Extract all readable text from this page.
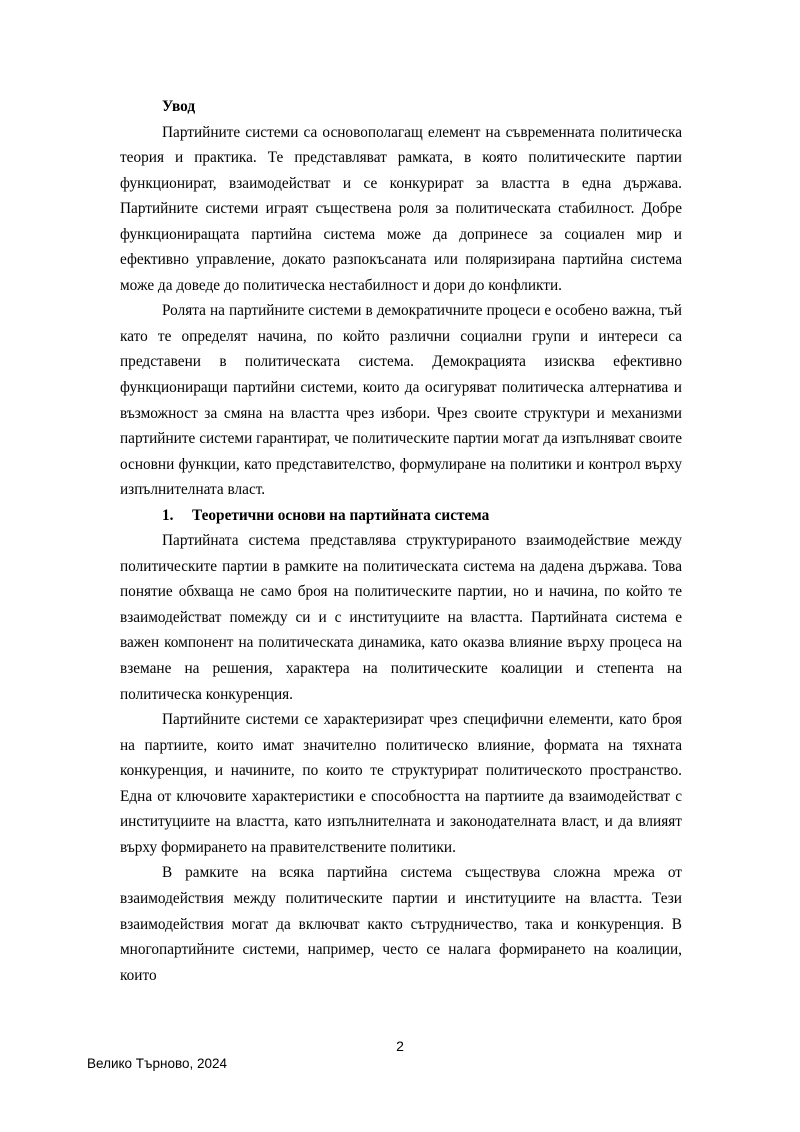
Увод

Партийните системи са основополагащ елемент на съвременната политическа теория и практика. Те представляват рамката, в която политическите партии функционират, взаимодействат и се конкурират за властта в една държава. Партийните системи играят съществена роля за политическата стабилност. Добре функциониращата партийна система може да допринесе за социален мир и ефективно управление, докато разпокъсаната или поляризирана партийна система може да доведе до политическа нестабилност и дори до конфликти.

Ролята на партийните системи в демократичните процеси е особено важна, тъй като те определят начина, по който различни социални групи и интереси са представени в политическата система. Демокрацията изисква ефективно функциониращи партийни системи, които да осигуряват политическа алтернатива и възможност за смяна на властта чрез избори. Чрез своите структури и механизми партийните системи гарантират, че политическите партии могат да изпълняват своите основни функции, като представителство, формулиране на политики и контрол върху изпълнителната власт.

1. Теоретични основи на партийната система

Партийната система представлява структурираното взаимодействие между политическите партии в рамките на политическата система на дадена държава. Това понятие обхваща не само броя на политическите партии, но и начина, по който те взаимодействат помежду си и с институциите на властта. Партийната система е важен компонент на политическата динамика, като оказва влияние върху процеса на вземане на решения, характера на политическите коалиции и степента на политическа конкуренция.

Партийните системи се характеризират чрез специфични елементи, като броя на партиите, които имат значително политическо влияние, формата на тяхната конкуренция, и начините, по които те структурират политическото пространство. Една от ключовите характеристики е способността на партиите да взаимодействат с институциите на властта, като изпълнителната и законодателната власт, и да влияят върху формирането на правителствените политики.

В рамките на всяка партийна система съществува сложна мрежа от взаимодействия между политическите партии и институциите на властта. Тези взаимодействия могат да включват както сътрудничество, така и конкуренция. В многопартийните системи, например, често се налага формирането на коалиции, които

2
Велико Търново, 2024
